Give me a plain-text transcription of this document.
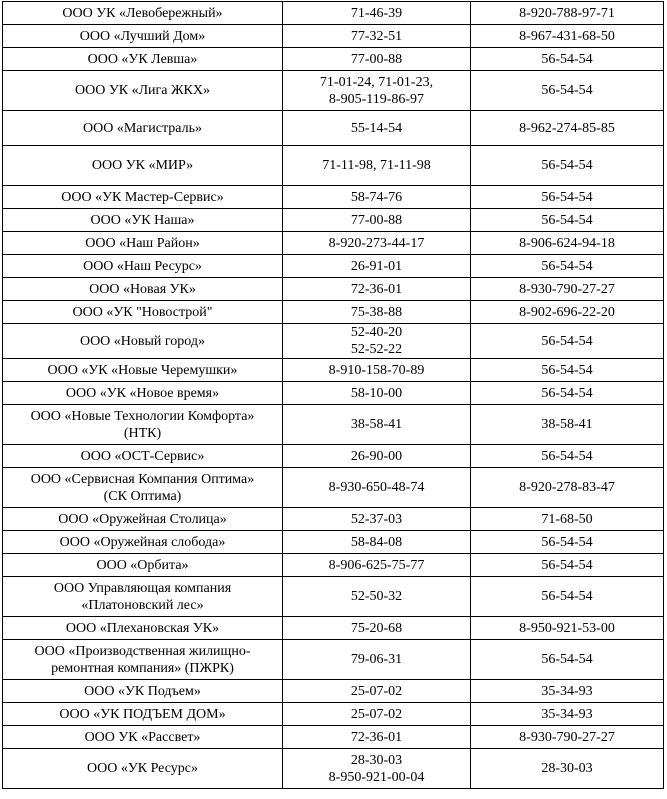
ООО УК «Левобережный»	71-46-39	8-920-788-97-71

ООО «Лучший Дом»	77-32-51	8-967-431-68-50

ООО «УК Левша»	77-00-88	56-54-54

ООО УК «Лига ЖКХ»	71-01-24, 71-01-23,
8-905-119-86-97	56-54-54

ООО «Магистраль»	55-14-54	8-962-274-85-85

ООО УК «МИР»	71-11-98, 71-11-98	56-54-54

ООО «УК Мастер-Сервис»	58-74-76	56-54-54

ООО «УК Наша»	77-00-88	56-54-54

ООО «Наш Район»	8-920-273-44-17	8-906-624-94-18

ООО «Наш Ресурс»	26-91-01	56-54-54

ООО «Новая УК»	72-36-01	8-930-790-27-27

ООО «УК "Новострой"	75-38-88	8-902-696-22-20

ООО «Новый город»	52-40-20
52-52-22	56-54-54

ООО «УК «Новые Черемушки»	8-910-158-70-89	56-54-54

ООО «УК «Новое время»	58-10-00	56-54-54

ООО «Новые Технологии Комфорта»
(НТК)	38-58-41	38-58-41

ООО «ОСТ-Сервис»	26-90-00	56-54-54

ООО «Сервисная Компания Оптима»
(СК Оптима)	8-930-650-48-74	8-920-278-83-47

ООО «Оружейная Столица»	52-37-03	71-68-50

ООО «Оружейная слобода»	58-84-08	56-54-54

ООО «Орбита»	8-906-625-75-77	56-54-54

ООО Управляющая компания
«Платоновский лес»	52-50-32	56-54-54

ООО «Плехановская УК»	75-20-68	8-950-921-53-00

ООО «Производственная жилищно-
ремонтная компания» (ПЖРК)	79-06-31	56-54-54

ООО «УК Подъем»	25-07-02	35-34-93

ООО «УК ПОДЪЕМ ДОМ»	25-07-02	35-34-93

ООО УК «Рассвет»	72-36-01	8-930-790-27-27

ООО «УК Ресурс»	28-30-03
8-950-921-00-04	28-30-03
